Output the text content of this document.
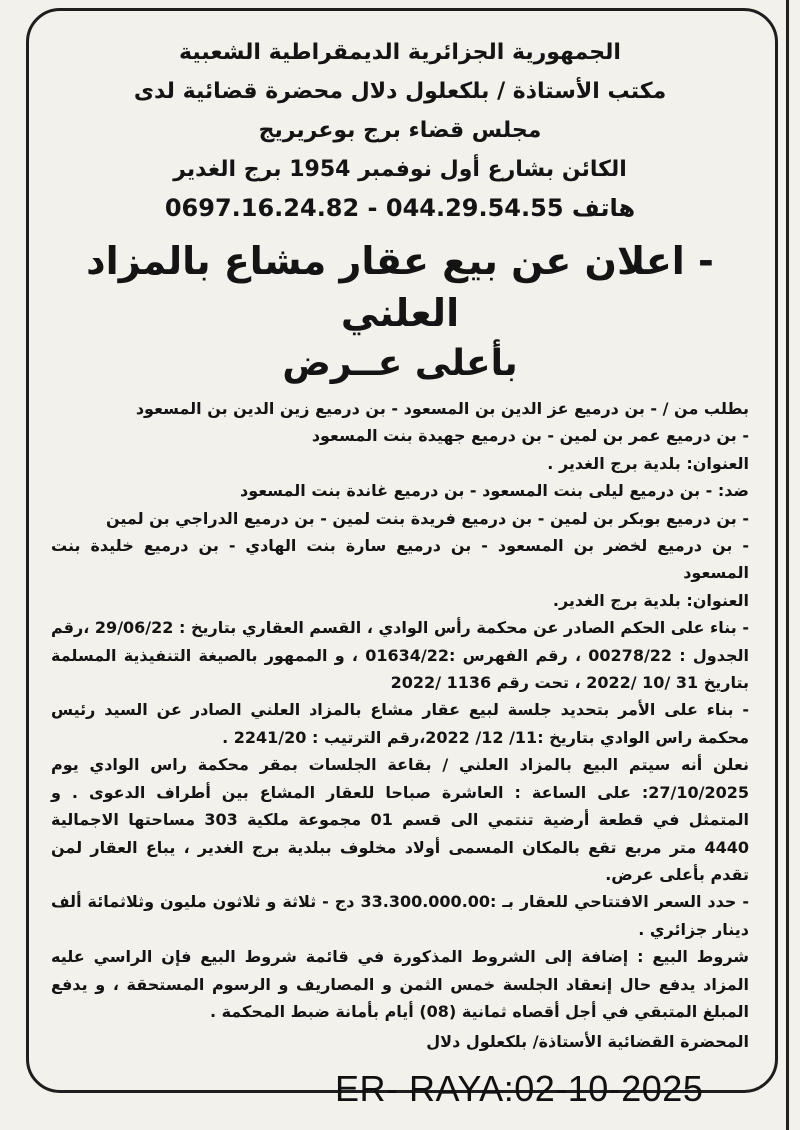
الجمهورية الجزائرية الديمقراطية الشعبية
مكتب الأستاذة / بلكعلول دلال محضرة قضائية لدى
مجلس قضاء برج بوعريريج
الكائن بشارع أول نوفمبر 1954 برج الغدير
هاتف 044.29.54.55 - 0697.16.24.82
- اعلان عن بيع عقار مشاع بالمزاد العلني
بأعلى عــرض

بطلب من / - بن درميع عز الدين بن المسعود - بن درميع زين الدين بن المسعود

- بن درميع عمر بن لمين - بن درميع جهيدة بنت المسعود

العنوان: بلدية برج الغدير .

ضد: - بن درميع ليلى بنت المسعود - بن درميع غاندة بنت المسعود

- بن درميع بوبكر بن لمين - بن درميع فريدة بنت لمين - بن درميع الدراجي بن لمين

- بن درميع لخضر بن المسعود - بن درميع سارة بنت الهادي - بن درميع خليدة بنت المسعود

العنوان: بلدية برج الغدير.

- بناء على الحكم الصادر عن محكمة رأس الوادي ، القسم العقاري بتاريخ : 29/06/22 ،رقم الجدول : 00278/22 ، رقم الفهرس :01634/22 ، و الممهور بالصيغة التنفيذية المسلمة بتاريخ 31 /10 /2022 ، تحت رقم 1136 /2022

- بناء على الأمر بتحديد جلسة لبيع عقار مشاع بالمزاد العلني الصادر عن السيد رئيس محكمة راس الوادي بتاريخ :11/ 12/ 2022،رقم الترتيب : 2241/20 .

نعلن أنه سيتم البيع بالمزاد العلني / بقاعة الجلسات بمقر محكمة راس الوادي يوم 27/10/2025: على الساعة : العاشرة صباحا للعقار المشاع بين أطراف الدعوى . و المتمثل في قطعة أرضية تنتمي الى قسم 01 مجموعة ملكية 303 مساحتها الاجمالية 4440 متر مربع تقع بالمكان المسمى أولاد مخلوف ببلدية برج الغدير ، يباع العقار لمن تقدم بأعلى عرض.

- حدد السعر الافتتاحي للعقار بـ :33.300.000.00 دج - ثلاثة و ثلاثون مليون وثلاثمائة ألف دينار جزائري .

شروط البيع : إضافة إلى الشروط المذكورة في قائمة شروط البيع فإن الراسي عليه المزاد يدفع حال إنعقاد الجلسة خمس الثمن و المصاريف و الرسوم المستحقة ، و يدفع المبلغ المتبقي في أجل أقصاه ثمانية (08) أيام بأمانة ضبط المحكمة .

المحضرة القضائية الأستاذة/ بلكعلول دلال
ER- RAYA:02-10-2025
